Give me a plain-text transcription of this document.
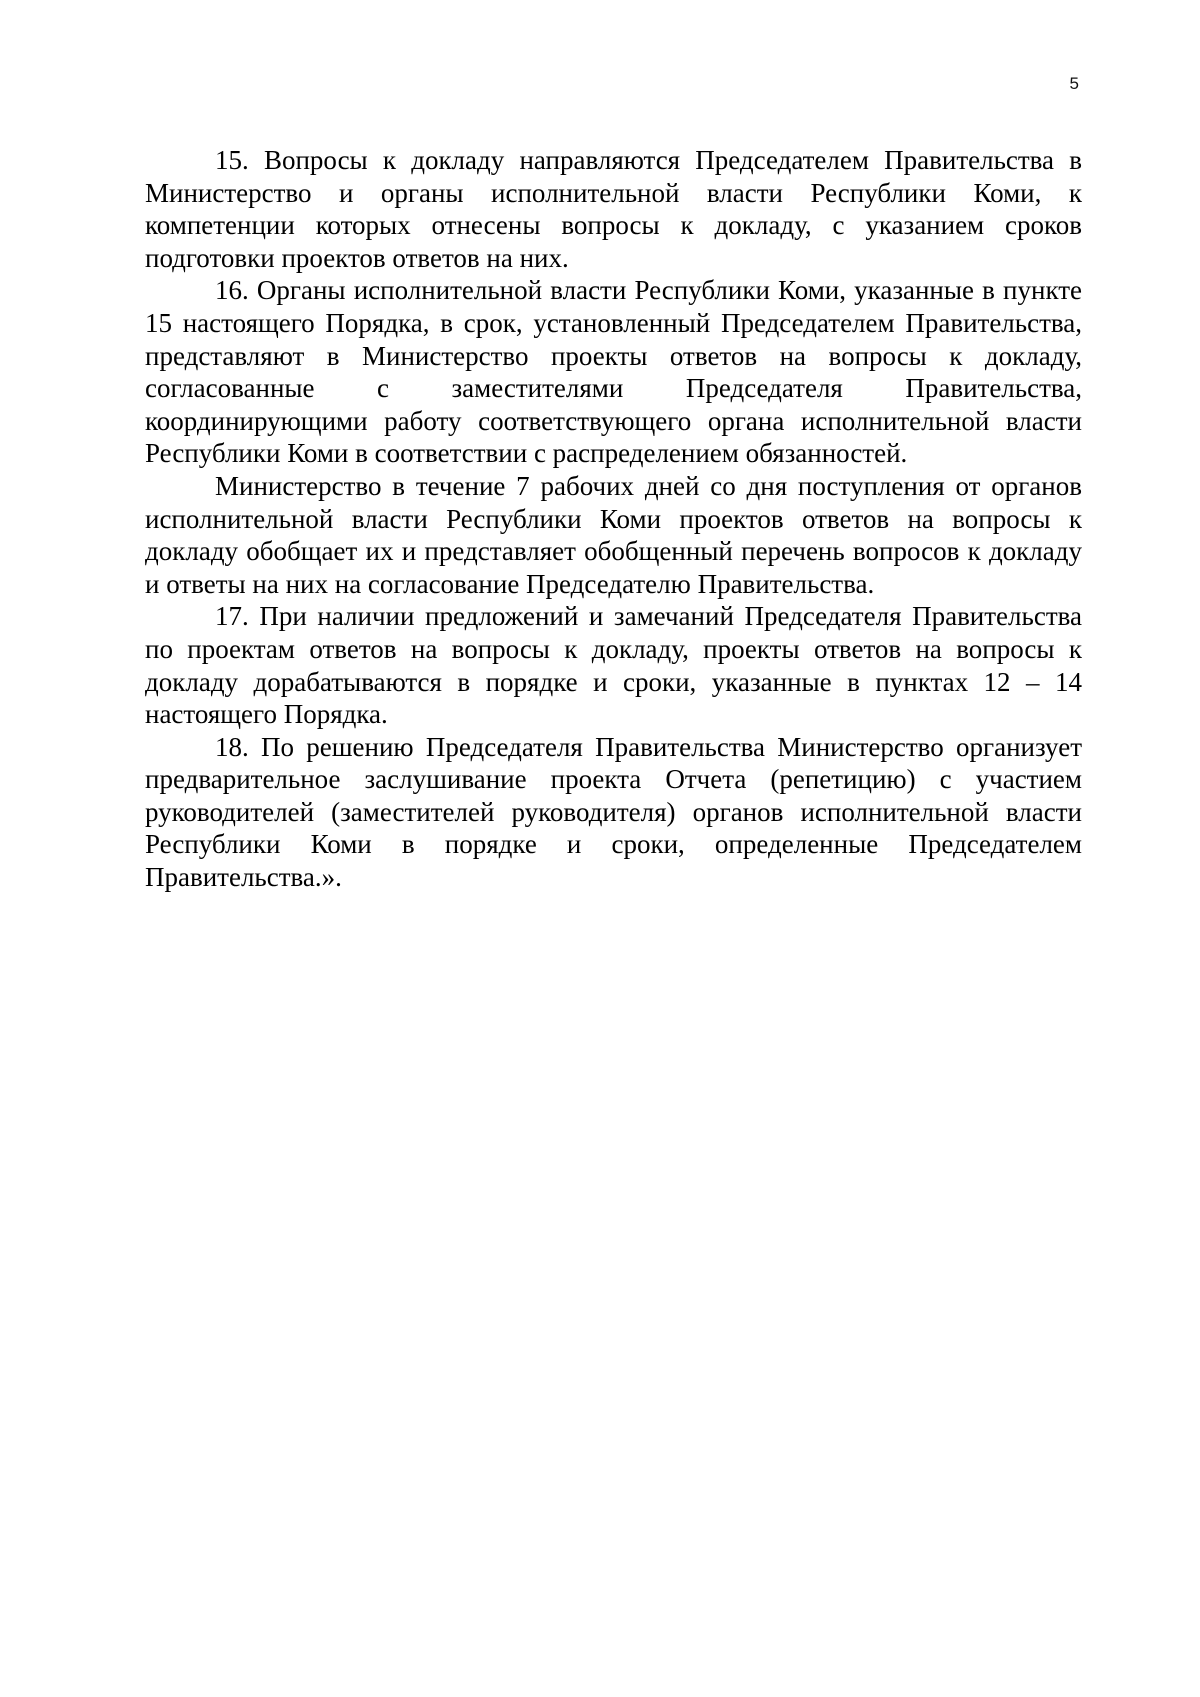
5

15. Вопросы к докладу направляются Председателем Правительства в Министерство и органы исполнительной власти Республики Коми, к компетенции которых отнесены вопросы к докладу, с указанием сроков подготовки проектов ответов на них.

16. Органы исполнительной власти Республики Коми, указанные в пункте 15 настоящего Порядка, в срок, установленный Председателем Правительства, представляют в Министерство проекты ответов на вопросы к докладу, согласованные с заместителями Председателя Правительства, координирующими работу соответствующего органа исполнительной власти Республики Коми в соответствии с распределением обязанностей.

Министерство в течение 7 рабочих дней со дня поступления от органов исполнительной власти Республики Коми проектов ответов на вопросы к докладу обобщает их и представляет обобщенный перечень вопросов к докладу и ответы на них на согласование Председателю Правительства.

17. При наличии предложений и замечаний Председателя Правительства по проектам ответов на вопросы к докладу, проекты ответов на вопросы к докладу дорабатываются в порядке и сроки, указанные в пунктах 12 – 14 настоящего Порядка.

18. По решению Председателя Правительства Министерство организует предварительное заслушивание проекта Отчета (репетицию) с участием руководителей (заместителей руководителя) органов исполнительной власти Республики Коми в порядке и сроки, определенные Председателем Правительства.».
